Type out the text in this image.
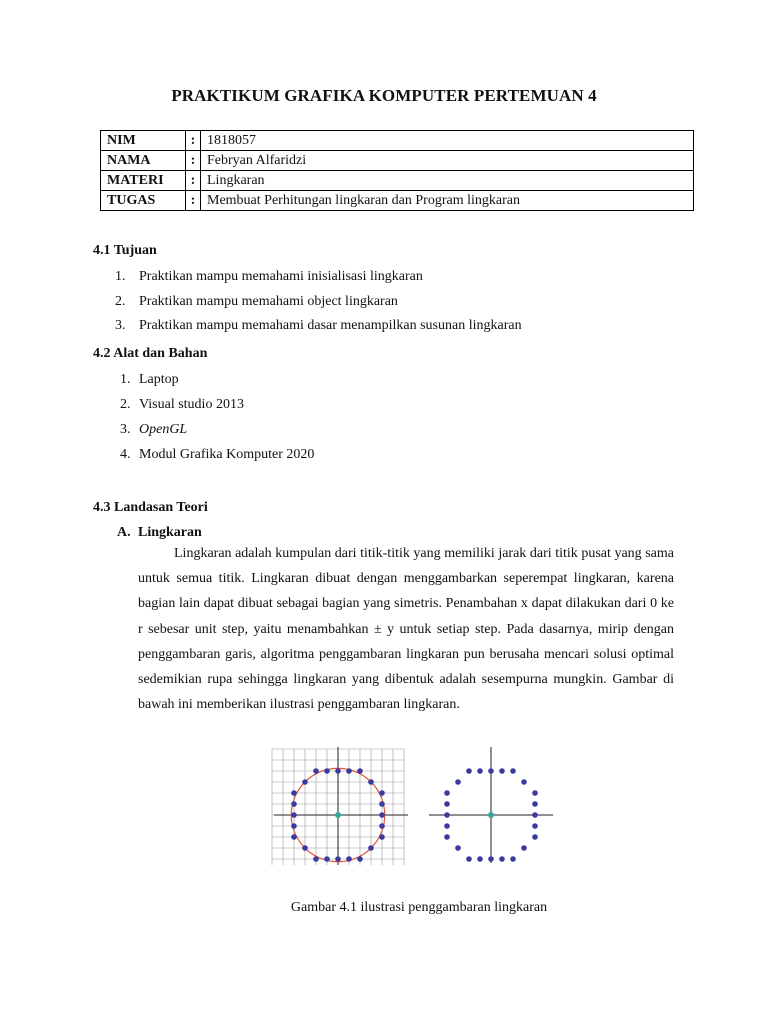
PRAKTIKUM GRAFIKA KOMPUTER PERTEMUAN 4
NIM	:	1818057
NAMA	:	Febryan Alfaridzi
MATERI	:	Lingkaran
TUGAS	:	Membuat Perhitungan lingkaran dan Program lingkaran
4.1 Tujuan
1. Praktikan mampu memahami inisialisasi lingkaran
2. Praktikan mampu memahami object lingkaran
3. Praktikan mampu memahami dasar menampilkan susunan lingkaran
4.2 Alat dan Bahan
1. Laptop
2. Visual studio 2013
3. OpenGL
4. Modul Grafika Komputer 2020
4.3 Landasan Teori
A. Lingkaran
Lingkaran adalah kumpulan dari titik-titik yang memiliki jarak dari titik pusat yang sama untuk semua titik. Lingkaran dibuat dengan menggambarkan seperempat lingkaran, karena bagian lain dapat dibuat sebagai bagian yang simetris. Penambahan x dapat dilakukan dari 0 ke r sebesar unit step, yaitu menambahkan ± y untuk setiap step. Pada dasarnya, mirip dengan penggambaran garis, algoritma penggambaran lingkaran pun berusaha mencari solusi optimal sedemikian rupa sehingga lingkaran yang dibentuk adalah sesempurna mungkin. Gambar di bawah ini memberikan ilustrasi penggambaran lingkaran.
Gambar 4.1 ilustrasi penggambaran lingkaran
